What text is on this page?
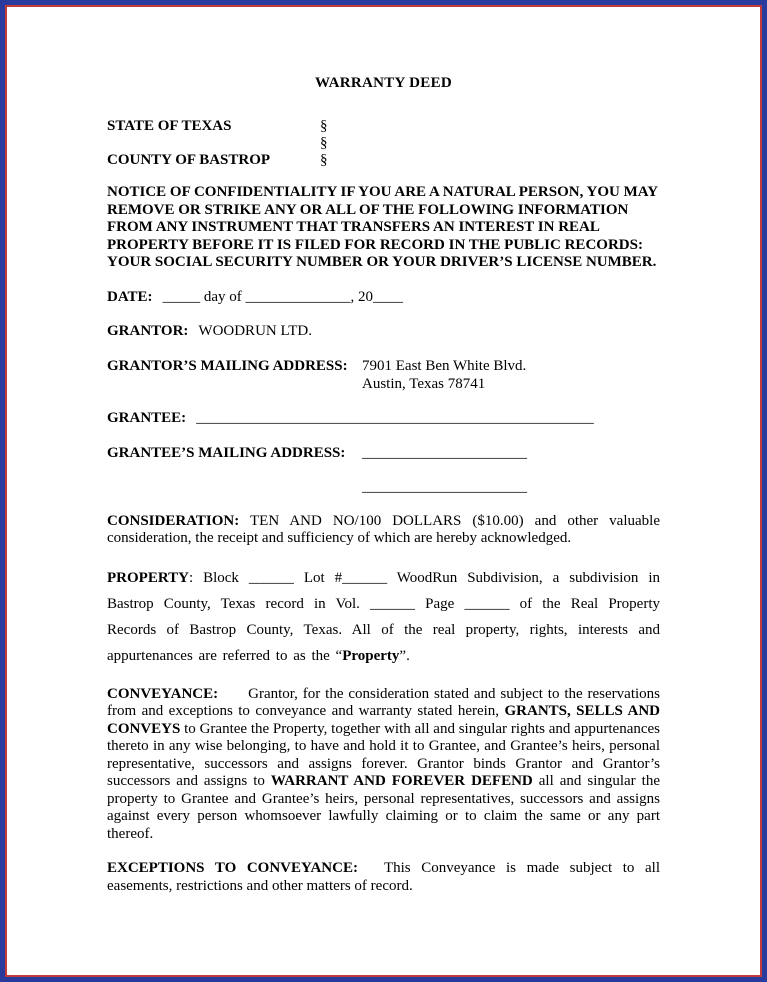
WARRANTY DEED
STATE OF TEXAS	§
§
COUNTY OF BASTROP	§

NOTICE OF CONFIDENTIALITY IF YOU ARE A NATURAL PERSON, YOU MAY REMOVE OR STRIKE ANY OR ALL OF THE FOLLOWING INFORMATION FROM ANY INSTRUMENT THAT TRANSFERS AN INTEREST IN REAL PROPERTY BEFORE IT IS FILED FOR RECORD IN THE PUBLIC RECORDS: YOUR SOCIAL SECURITY NUMBER OR YOUR DRIVER’S LICENSE NUMBER.

DATE: _____ day of ______________, 20____
GRANTOR: WOODRUN LTD.
GRANTOR’S MAILING ADDRESS: 7901 East Ben White Blvd.
Austin, Texas 78741
GRANTEE: _____________________________________________________
GRANTEE’S MAILING ADDRESS:	______________________
______________________

CONSIDERATION: TEN AND NO/100 DOLLARS ($10.00) and other valuable consideration, the receipt and sufficiency of which are hereby acknowledged.

PROPERTY: Block ______ Lot #______ WoodRun Subdivision, a subdivision in Bastrop County, Texas record in Vol. ______ Page ______ of the Real Property Records of Bastrop County, Texas. All of the real property, rights, interests and appurtenances are referred to as the “Property”.

CONVEYANCE: Grantor, for the consideration stated and subject to the reservations from and exceptions to conveyance and warranty stated herein, GRANTS, SELLS AND CONVEYS to Grantee the Property, together with all and singular rights and appurtenances thereto in any wise belonging, to have and hold it to Grantee, and Grantee’s heirs, personal representative, successors and assigns forever. Grantor binds Grantor and Grantor’s successors and assigns to WARRANT AND FOREVER DEFEND all and singular the property to Grantee and Grantee’s heirs, personal representatives, successors and assigns against every person whomsoever lawfully claiming or to claim the same or any part thereof.

EXCEPTIONS TO CONVEYANCE: This Conveyance is made subject to all easements, restrictions and other matters of record.
